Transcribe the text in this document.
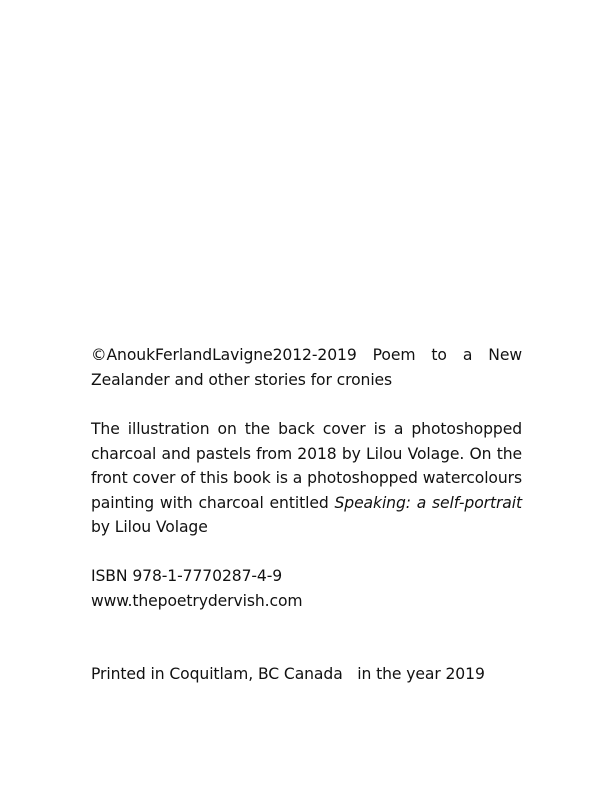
©AnoukFerlandLavigne2012-2019 Poem to a New Zealander and other stories for cronies

The illustration on the back cover is a photoshopped charcoal and pastels from 2018 by Lilou Volage. On the front cover of this book is a photoshopped watercolours painting with charcoal entitled Speaking: a self-portrait by Lilou Volage

ISBN 978-1-7770287-4-9
www.thepoetrydervish.com

Printed in Coquitlam, BC Canada   in the year 2019
